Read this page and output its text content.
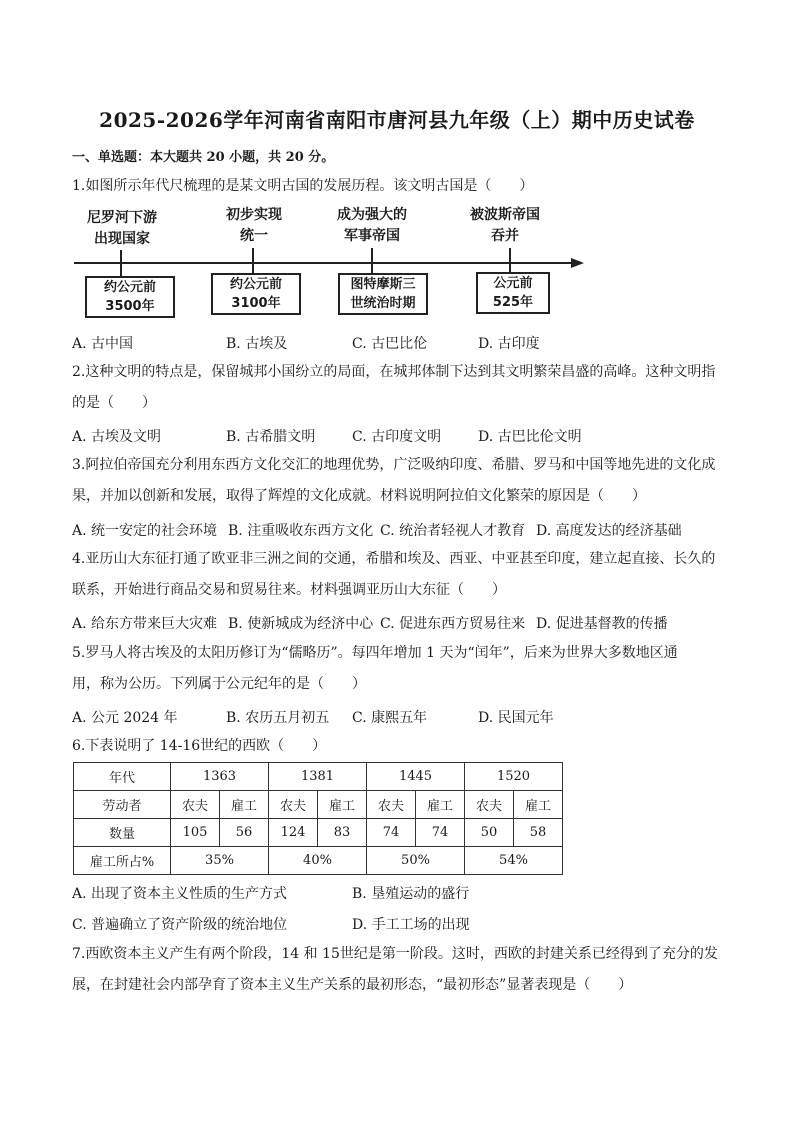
2025-2026学年河南省南阳市唐河县九年级（上）期中历史试卷
一、单选题：本大题共 20 小题，共 20 分。
1.如图所示年代尺梳理的是某文明古国的发展历程。该文明古国是（　　）
尼罗河下游
出现国家
约公元前
3500年
初步实现
统一
约公元前
3100年
成为强大的
军事帝国
图特摩斯三
世统治时期
被波斯帝国
吞并
公元前
525年
A. 古中国	B. 古埃及	C. 古巴比伦	D. 古印度
2.这种文明的特点是，保留城邦小国纷立的局面，在城邦体制下达到其文明繁荣昌盛的高峰。这种文明指
的是（　　）
A. 古埃及文明	B. 古希腊文明	C. 古印度文明	D. 古巴比伦文明
3.阿拉伯帝国充分利用东西方文化交汇的地理优势，广泛吸纳印度、希腊、罗马和中国等地先进的文化成
果，并加以创新和发展，取得了辉煌的文化成就。材料说明阿拉伯文化繁荣的原因是（　　）
A. 统一安定的社会环境 B. 注重吸收东西方文化 C. 统治者轻视人才教育 D. 高度发达的经济基础
4.亚历山大东征打通了欧亚非三洲之间的交通，希腊和埃及、西亚、中亚甚至印度，建立起直接、长久的
联系，开始进行商品交易和贸易往来。材料强调亚历山大东征（　　）
A. 给东方带来巨大灾难 B. 使新城成为经济中心 C. 促进东西方贸易往来 D. 促进基督教的传播
5.罗马人将古埃及的太阳历修订为“儒略历”。每四年增加 1 天为“闰年”，后来为世界大多数地区通
用，称为公历。下列属于公元纪年的是（　　）
A. 公元 2024 年	B. 农历五月初五 C. 康熙五年	D. 民国元年
6.下表说明了 14-16世纪的西欧（　　）
年代	1363		1381		1445		1520	
劳动者	农夫	雇工	农夫	雇工	农夫	雇工	农夫	雇工
数量	105	56	124	83	74	74	50	58
雇工所占%	35%		40%		50%		54%	
A. 出现了资本主义性质的生产方式	B. 垦殖运动的盛行
C. 普遍确立了资产阶级的统治地位	D. 手工工场的出现
7.西欧资本主义产生有两个阶段，14 和 15世纪是第一阶段。这时，西欧的封建关系已经得到了充分的发
展，在封建社会内部孕育了资本主义生产关系的最初形态，“最初形态”显著表现是（　　）
